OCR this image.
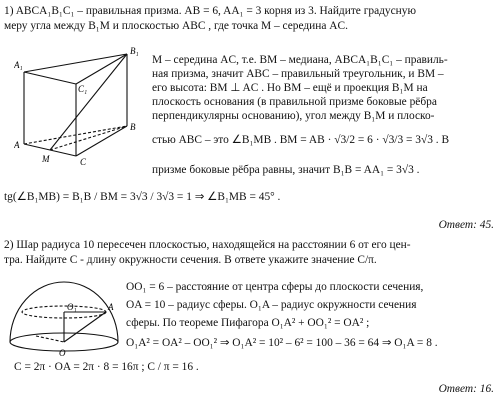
1) ABCA₁B₁C₁ – правильная призма. AB = 6, AA₁ = 3 корня из 3. Найдите градусную
меру угла между B₁M и плоскостью ABC , где точка M – середина AC.
A₁
B₁
C₁
A
B
C
M
M – середина AC, т.е. BM – медиана, ABCA₁B₁C₁ – правиль-
ная призма, значит ABC – правильный треугольник, и BM –
его высота: BM ⊥ AC . Но BM – ещё и проекция B₁M на
плоскость основания (в правильной призме боковые рёбра
перпендикулярны основанию), угол между B₁M и плоско-
стью ABC – это ∠B₁MB . BM = AB · √3/2 = 6 · √3/3 = 3√3 . В
призме боковые рёбра равны, значит B₁B = AA₁ = 3√3 .
tg(∠B₁MB) = B₁B / BM = 3√3 / 3√3 = 1 ⇒ ∠B₁MB = 45° .
Ответ: 45.
2) Шар радиуса 10 пересечен плоскостью, находящейся на расстоянии 6 от его цен-
тра. Найдите C - длину окружности сечения. В ответе укажите значение C/π.
O₁	A
O
OO₁ = 6 – расстояние от центра сферы до плоскости сечения,
OA = 10 – радиус сферы. O₁A – радиус окружности сечения
сферы. По теореме Пифагора O₁A² + OO₁² = OA² ;
O₁A² = OA² – OO₁² ⇒ O₁A² = 10² – 6² = 100 – 36 = 64 ⇒ O₁A = 8 .
C = 2π · OA = 2π · 8 = 16π ; C / π = 16 .
Ответ: 16.
